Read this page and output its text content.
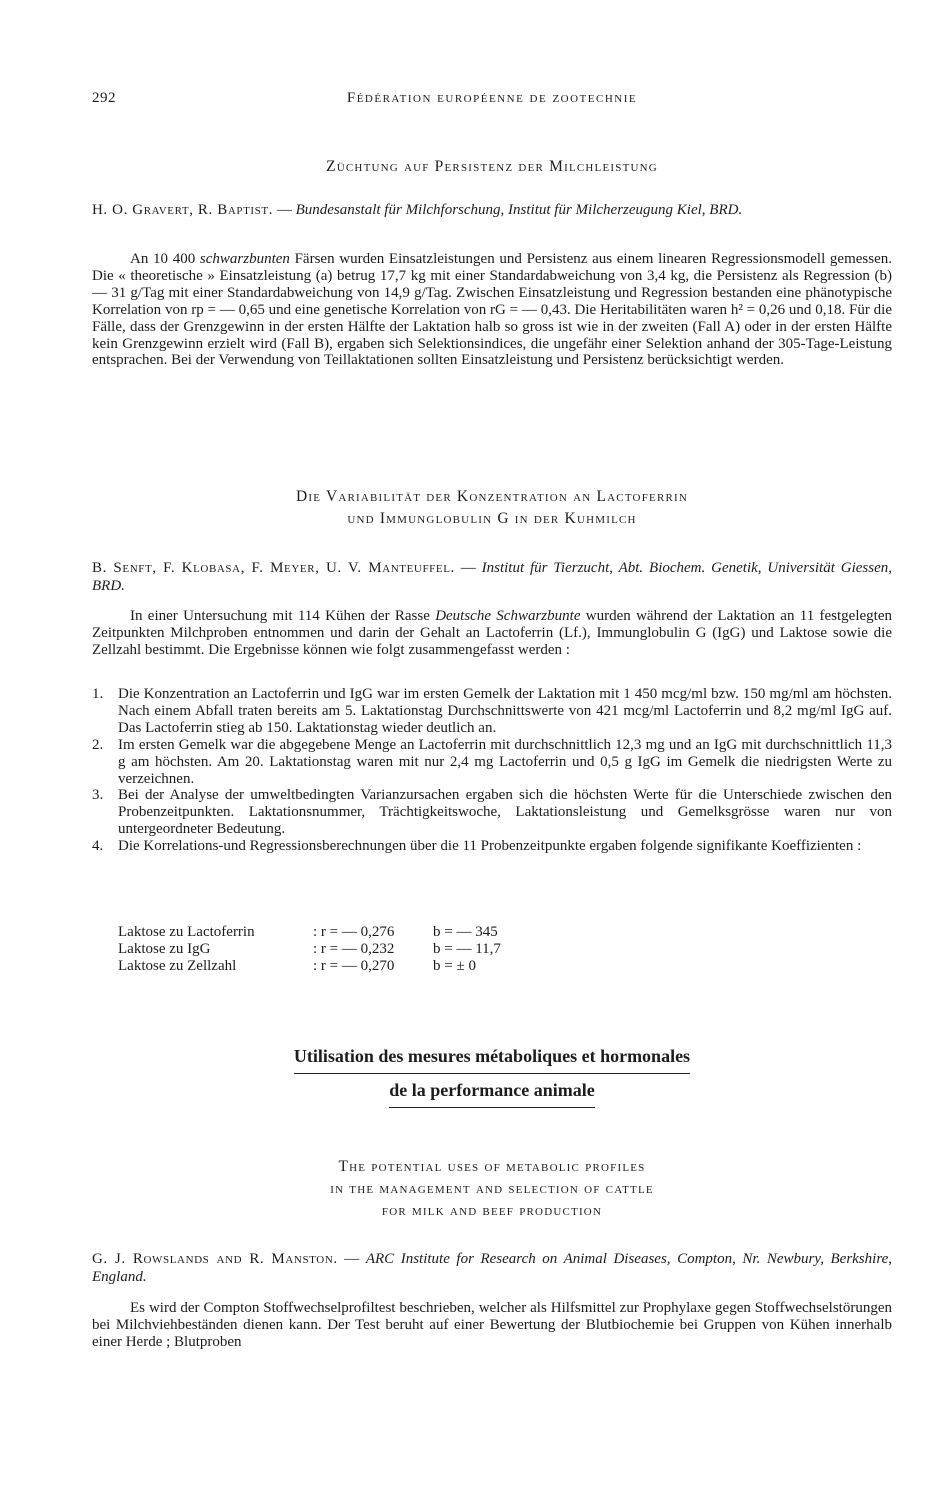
292	Fédération européenne de zootechnie
Züchtung auf Persistenz der Milchleistung
H. O. Gravert, R. Baptist. — Bundesanstalt für Milchforschung, Institut für Milcherzeugung Kiel, BRD.
An 10 400 schwarzbunten Färsen wurden Einsatzleistungen und Persistenz aus einem linearen Regressionsmodell gemessen. Die « theoretische » Einsatzleistung (a) betrug 17,7 kg mit einer Standardabweichung von 3,4 kg, die Persistenz als Regression (b) — 31 g/Tag mit einer Standardabweichung von 14,9 g/Tag. Zwischen Einsatzleistung und Regression bestanden eine phänotypische Korrelation von rp = — 0,65 und eine genetische Korrelation von rG = — 0,43. Die Heritabilitäten waren h² = 0,26 und 0,18. Für die Fälle, dass der Grenzgewinn in der ersten Hälfte der Laktation halb so gross ist wie in der zweiten (Fall A) oder in der ersten Hälfte kein Grenzgewinn erzielt wird (Fall B), ergaben sich Selektionsindices, die ungefähr einer Selektion anhand der 305-Tage-Leistung entsprachen. Bei der Verwendung von Teillaktationen sollten Einsatzleistung und Persistenz berücksichtigt werden.
Die Variabilität der Konzentration an Lactoferrin
und Immunglobulin G in der Kuhmilch
B. Senft, F. Klobasa, F. Meyer, U. V. Manteuffel. — Institut für Tierzucht, Abt. Biochem. Genetik, Universität Giessen, BRD.
In einer Untersuchung mit 114 Kühen der Rasse Deutsche Schwarzbunte wurden während der Laktation an 11 festgelegten Zeitpunkten Milchproben entnommen und darin der Gehalt an Lactoferrin (Lf.), Immunglobulin G (IgG) und Laktose sowie die Zellzahl bestimmt. Die Ergebnisse können wie folgt zusammengefasst werden :
1. Die Konzentration an Lactoferrin und IgG war im ersten Gemelk der Laktation mit 1 450 mcg/ml bzw. 150 mg/ml am höchsten. Nach einem Abfall traten bereits am 5. Laktationstag Durchschnittswerte von 421 mcg/ml Lactoferrin und 8,2 mg/ml IgG auf. Das Lactoferrin stieg ab 150. Laktationstag wieder deutlich an.
2. Im ersten Gemelk war die abgegebene Menge an Lactoferrin mit durchschnittlich 12,3 mg und an IgG mit durchschnittlich 11,3 g am höchsten. Am 20. Laktationstag waren mit nur 2,4 mg Lactoferrin und 0,5 g IgG im Gemelk die niedrigsten Werte zu verzeichnen.
3. Bei der Analyse der umweltbedingten Varianzursachen ergaben sich die höchsten Werte für die Unterschiede zwischen den Probenzeitpunkten. Laktationsnummer, Trächtigkeitswoche, Laktationsleistung und Gemelksgrösse waren nur von untergeordneter Bedeutung.
4. Die Korrelations-und Regressionsberechnungen über die 11 Probenzeitpunkte ergaben folgende signifikante Koeffizienten :
Laktose zu Lactoferrin	: r = — 0,276	b = — 345
Laktose zu IgG	: r = — 0,232	b = — 11,7
Laktose zu Zellzahl	: r = — 0,270	b = ± 0
Utilisation des mesures métaboliques et hormonales
de la performance animale
The potential uses of metabolic profiles
in the management and selection of cattle
for milk and beef production
G. J. Rowslands and R. Manston. — ARC Institute for Research on Animal Diseases, Compton, Nr. Newbury, Berkshire, England.
Es wird der Compton Stoffwechselprofiltest beschrieben, welcher als Hilfsmittel zur Prophylaxe gegen Stoffwechselstörungen bei Milchviehbeständen dienen kann. Der Test beruht auf einer Bewertung der Blutbiochemie bei Gruppen von Kühen innerhalb einer Herde ; Blutproben
